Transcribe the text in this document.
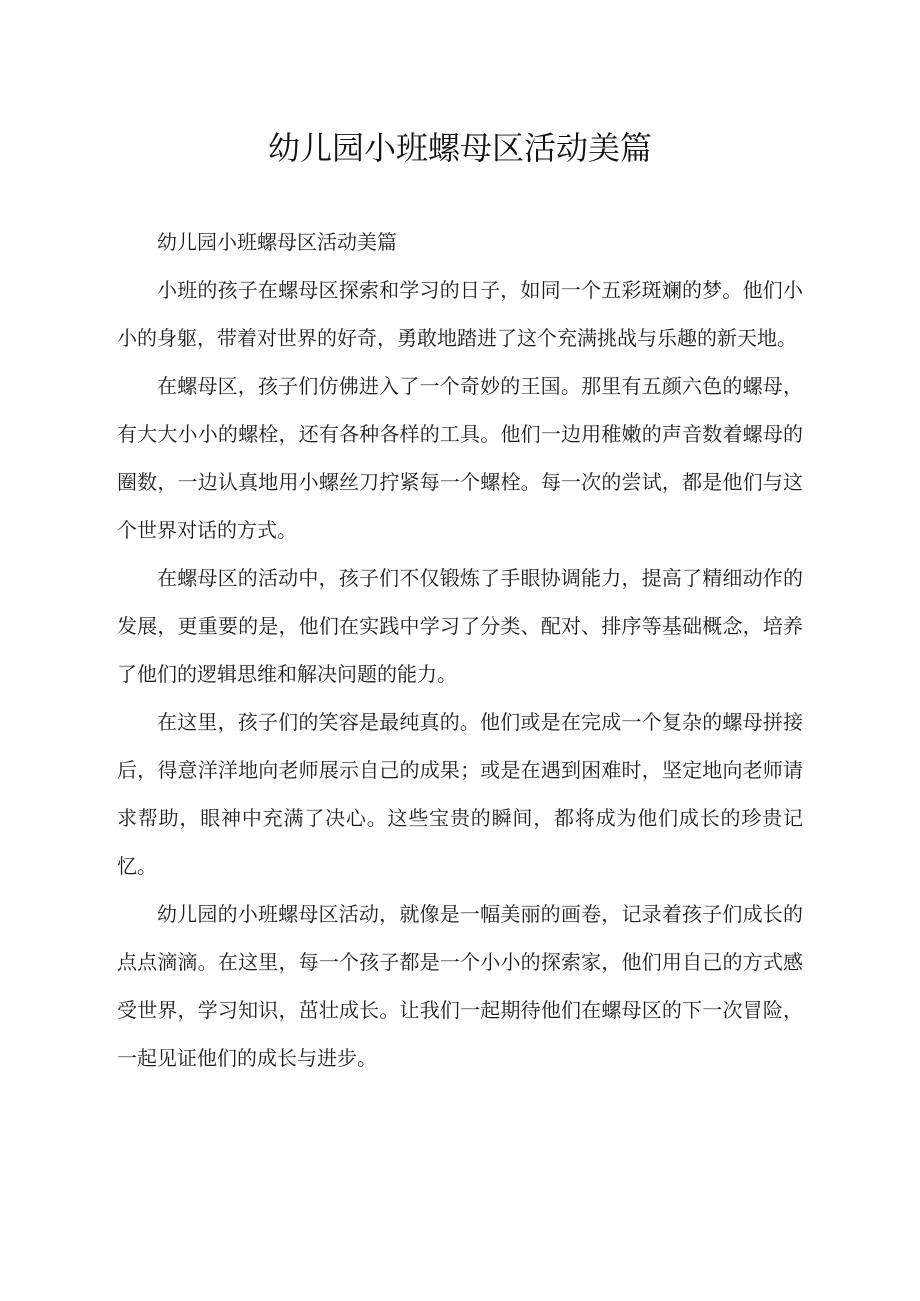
幼儿园小班螺母区活动美篇

幼儿园小班螺母区活动美篇

小班的孩子在螺母区探索和学习的日子，如同一个五彩斑斓的梦。他们小小的身躯，带着对世界的好奇，勇敢地踏进了这个充满挑战与乐趣的新天地。

在螺母区，孩子们仿佛进入了一个奇妙的王国。那里有五颜六色的螺母，有大大小小的螺栓，还有各种各样的工具。他们一边用稚嫩的声音数着螺母的圈数，一边认真地用小螺丝刀拧紧每一个螺栓。每一次的尝试，都是他们与这个世界对话的方式。

在螺母区的活动中，孩子们不仅锻炼了手眼协调能力，提高了精细动作的发展，更重要的是，他们在实践中学习了分类、配对、排序等基础概念，培养了他们的逻辑思维和解决问题的能力。

在这里，孩子们的笑容是最纯真的。他们或是在完成一个复杂的螺母拼接后，得意洋洋地向老师展示自己的成果；或是在遇到困难时，坚定地向老师请求帮助，眼神中充满了决心。这些宝贵的瞬间，都将成为他们成长的珍贵记忆。

幼儿园的小班螺母区活动，就像是一幅美丽的画卷，记录着孩子们成长的点点滴滴。在这里，每一个孩子都是一个小小的探索家，他们用自己的方式感受世界，学习知识，茁壮成长。让我们一起期待他们在螺母区的下一次冒险，一起见证他们的成长与进步。
